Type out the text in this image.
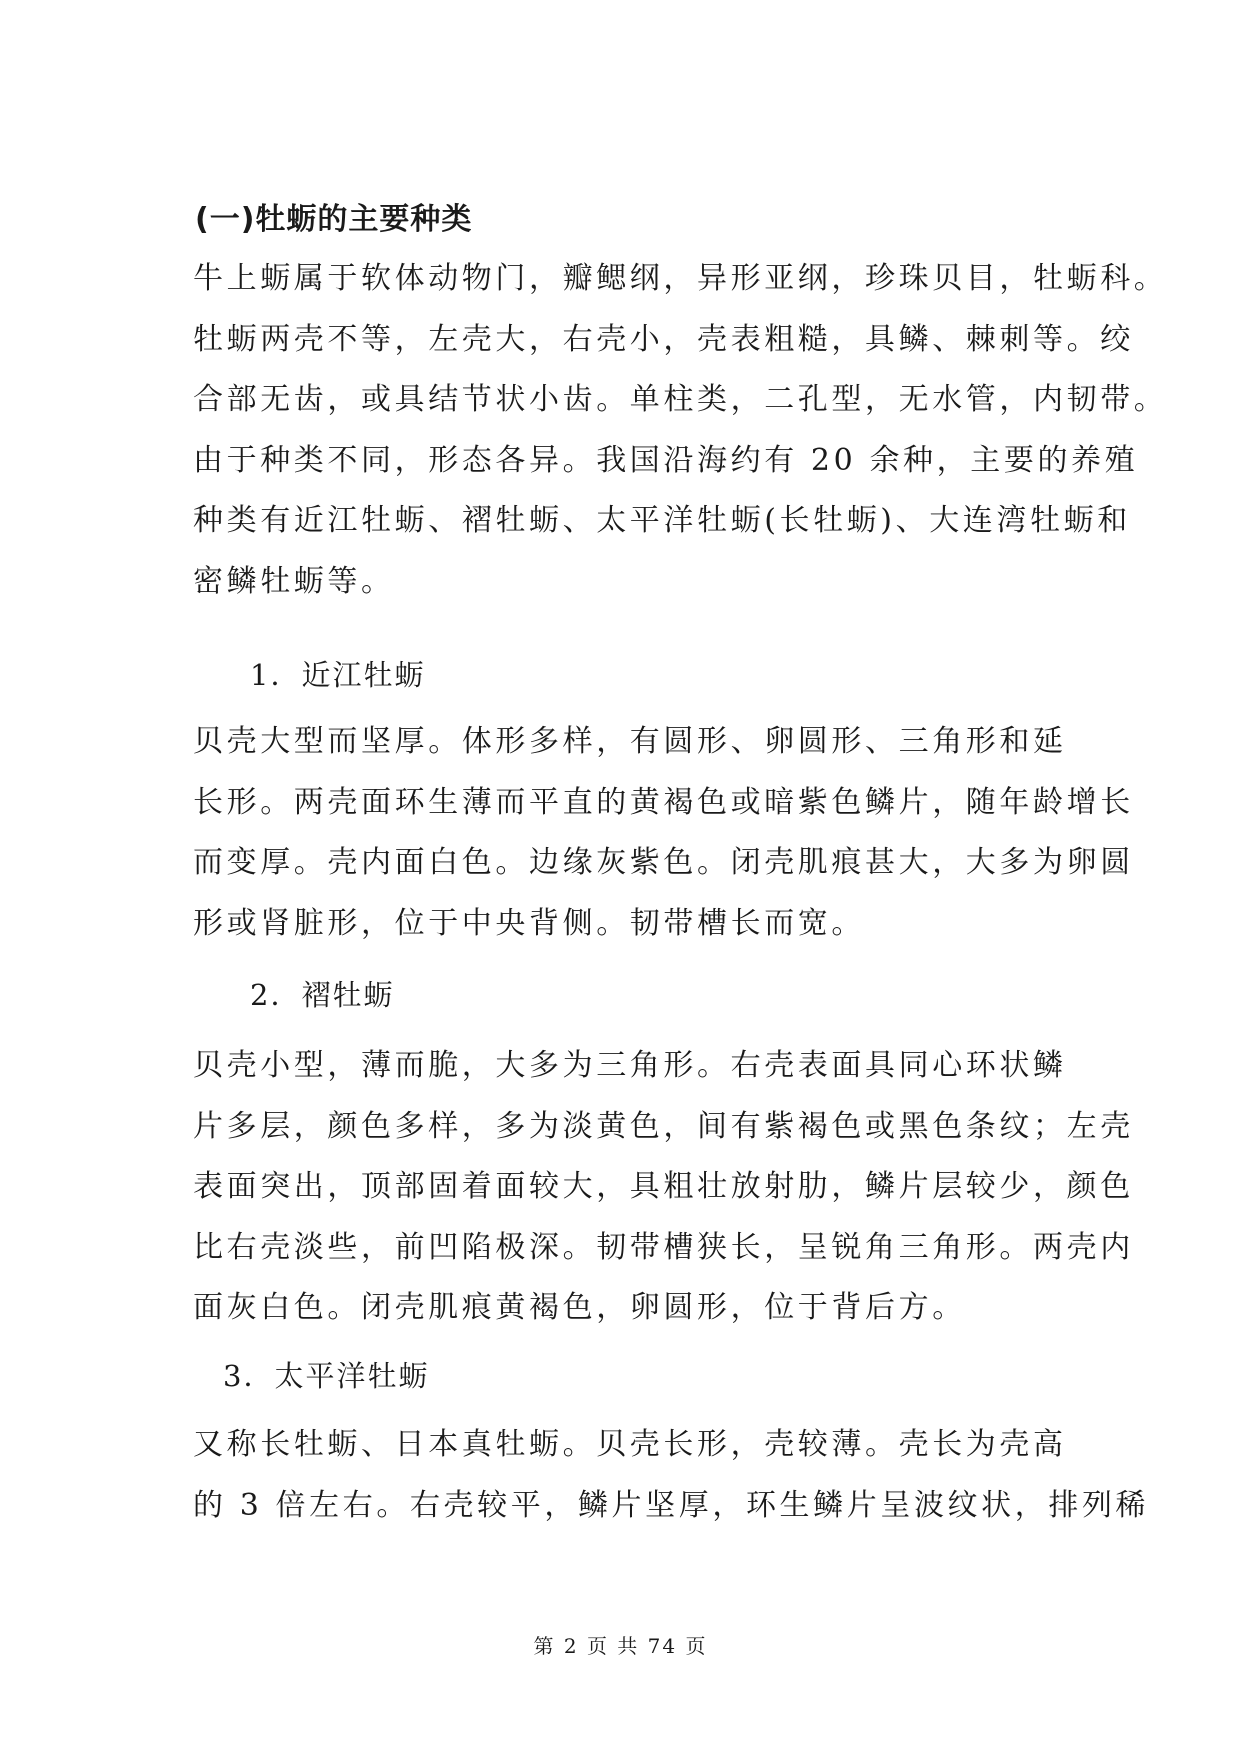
(一)牡蛎的主要种类
牛上蛎属于软体动物门，瓣鳃纲，异形亚纲，珍珠贝目，牡蛎科。
牡蛎两壳不等，左壳大，右壳小，壳表粗糙，具鳞、棘刺等。绞
合部无齿，或具结节状小齿。单柱类，二孔型，无水管，内韧带。
由于种类不同，形态各异。我国沿海约有 20 余种，主要的养殖
种类有近江牡蛎、褶牡蛎、太平洋牡蛎(长牡蛎)、大连湾牡蛎和
密鳞牡蛎等。
1．近江牡蛎
贝壳大型而坚厚。体形多样，有圆形、卵圆形、三角形和延
长形。两壳面环生薄而平直的黄褐色或暗紫色鳞片，随年龄增长
而变厚。壳内面白色。边缘灰紫色。闭壳肌痕甚大，大多为卵圆
形或肾脏形，位于中央背侧。韧带槽长而宽。
2．褶牡蛎
贝壳小型，薄而脆，大多为三角形。右壳表面具同心环状鳞
片多层，颜色多样，多为淡黄色，间有紫褐色或黑色条纹；左壳
表面突出，顶部固着面较大，具粗壮放射肋，鳞片层较少，颜色
比右壳淡些，前凹陷极深。韧带槽狭长，呈锐角三角形。两壳内
面灰白色。闭壳肌痕黄褐色，卵圆形，位于背后方。
3．太平洋牡蛎
又称长牡蛎、日本真牡蛎。贝壳长形，壳较薄。壳长为壳高
的 3 倍左右。右壳较平，鳞片坚厚，环生鳞片呈波纹状，排列稀
第 2 页 共 74 页
